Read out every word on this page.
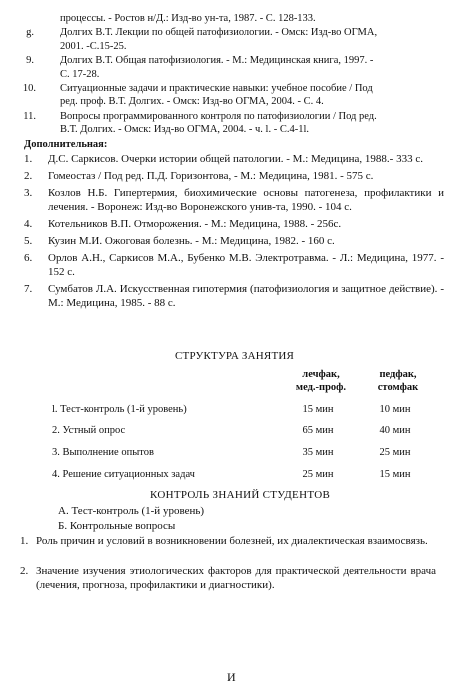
процессы. - Ростов н/Д.: Изд-во ун-та, 1987. - С. 128-133.
g. Долгих В.Т. Лекции по общей патофизиологии. - Омск: Изд-во ОГМА,
2001. -С.15-25.
9. Долгих В.Т. Общая патофизиология. - М.: Медицинская книга, 1997. -
С. 17-28.
10. Ситуационные задачи и практические навыки: учебное пособие / Под
ред. проф. В.Т. Долгих. - Омск: Изд-во ОГМА, 2004. - С. 4.
11. Вопросы программированного контроля по патофизиологии / Под ред.
В.Т. Долгих. - Омск: Изд-во ОГМА, 2004. - ч. l. - С.4-1l.
Дополнительная:
1. Д.С. Саркисов. Очерки истории общей патологии. - М.: Медицина, 1988.- 333 с.
2. Гомеостаз / Под ред. П.Д. Горизонтова, - М.: Медицина, 1981. - 575 с.
3. Козлов Н.Б. Гипертермия, биохимические основы патогенеза, профилактики и лечения. - Воронеж: Изд-во Воронежского унив-та, 1990. - 104 с.
4. Котельников В.П. Отморожения. - М.: Медицина, 1988. - 256с.
5. Кузин М.И. Ожоговая болезнь. - М.: Медицина, 1982. - 160 с.
6. Орлов А.Н., Саркисов М.А., Бубенко М.В. Электротравма. - Л.: Медицина, 1977. - 152 с.
7. Сумбатов Л.А. Искусственная гипотермия (патофизиология и защитное действие). - М.: Медицина, 1985. - 88 с.
СТРУКТУРА ЗАНЯТИЯ
лечфак,
мед.-проф.
педфак,
стомфак
l. Тест-контроль (1-й уровень)	15 мин	10 мин
2. Устный опрос	65 мин	40 мин
3. Выполнение опытов	35 мин	25 мин
4. Решение ситуационных задач	25 мин	15 мин
КОНТРОЛЬ ЗНАНИЙ СТУДЕНТОВ
А. Тест-контроль (1-й уровень)
Б. Контрольные вопросы
1. Роль причин и условий в возникновении болезней, их диалектическая взаимосвязь.
2. Значение изучения этиологических факторов для практической деятельности врача (лечения, прогноза, профилактики и диагностики).
И
